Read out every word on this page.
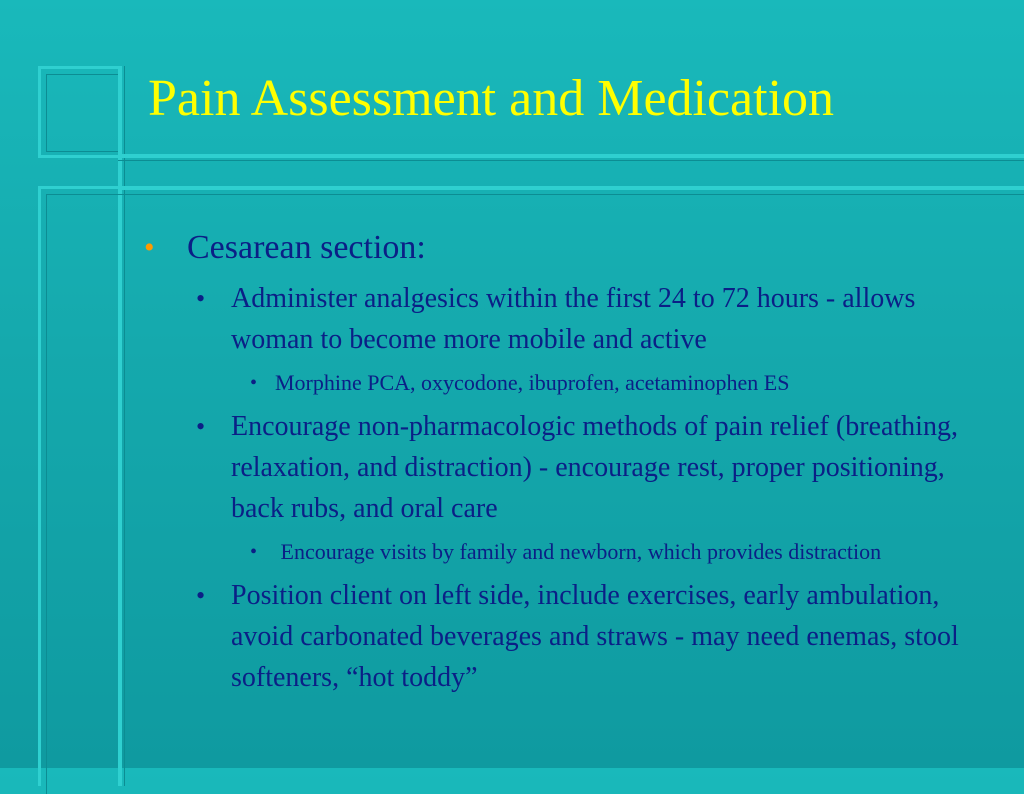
Pain Assessment and Medication
• Cesarean section:
• Administer analgesics within the first 24 to 72 hours - allows woman to become more mobile and active
• Morphine PCA, oxycodone, ibuprofen, acetaminophen ES
• Encourage non-pharmacologic methods of pain relief (breathing, relaxation, and distraction) - encourage rest, proper positioning, back rubs, and oral care
• Encourage visits by family and newborn, which provides distraction
• Position client on left side, include exercises, early ambulation, avoid carbonated beverages and straws - may need enemas, stool softeners, “hot toddy”
